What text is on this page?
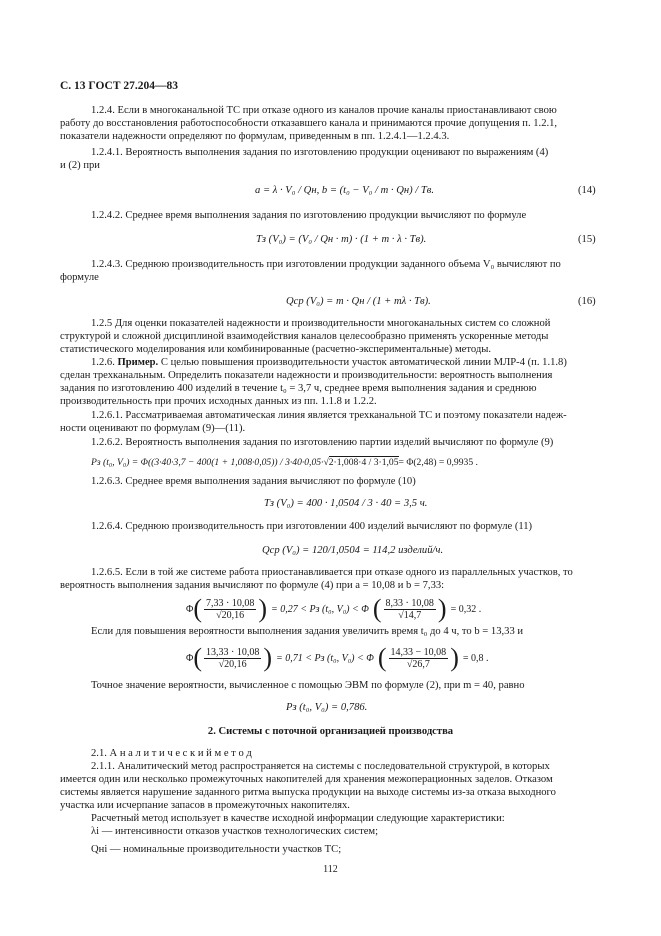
С. 13 ГОСТ 27.204—83
1.2.4. Если в многоканальной ТС при отказе одного из каналов прочие каналы приостанавливают свою
работу до восстановления работоспособности отказавшего канала и принимаются прочие допущения п. 1.2.1,
показатели надежности определяют по формулам, приведенным в пп. 1.2.4.1—1.2.4.3.
1.2.4.1. Вероятность выполнения задания по изготовлению продукции оценивают по выражениям (4)
и (2) при
a = λ · V₀ / Qн, b = (t₀ − V₀ / m · Qн) / Tв.	(14)
1.2.4.2. Среднее время выполнения задания по изготовлению продукции вычисляют по формуле
Tз (V₀) = (V₀ / Qн · m) · (1 + m · λ · Tв).	(15)
1.2.4.3. Среднюю производительность при изготовлении продукции заданного объема V₀ вычисляют по
формуле
Qср (V₀) = m · Qн / (1 + mλ · Tв).	(16)
1.2.5 Для оценки показателей надежности и производительности многоканальных систем со сложной
структурой и сложной дисциплиной взаимодействия каналов целесообразно применять ускоренные методы
статистического моделирования или комбинированные (расчетно-экспериментальные) методы.
1.2.6. Пример. С целью повышения производительности участок автоматической линии МЛР-4 (п. 1.1.8)
сделан трехканальным. Определить показатели надежности и производительности: вероятность выполнения
задания по изготовлению 400 изделий в течение t₀ = 3,7 ч, среднее время выполнения задания и среднюю
производительность при прочих исходных данных из пп. 1.1.8 и 1.2.2.
1.2.6.1. Рассматриваемая автоматическая линия является трехканальной ТС и поэтому показатели надеж-
ности оценивают по формулам (9)—(11).
1.2.6.2. Вероятность выполнения задания по изготовлению партии изделий вычисляют по формуле (9)
Pз (t₀, V₀) = Φ((3·40·3,7 − 400(1 + 1,008·0,05)) / 3·40·0,05·√2·1,008·4 / 3·1,05= Φ(2,48) = 0,9935 .
1.2.6.3. Среднее время выполнения задания вычисляют по формуле (10)
Tз (V₀) = 400 · 1,0504 / 3 · 40 = 3,5 ч.
1.2.6.4. Среднюю производительность при изготовлении 400 изделий вычисляют по формуле (11)
Qср (V₀) = 120/1,0504 = 114,2 изделий/ч.
1.2.6.5. Если в той же системе работа приостанавливается при отказе одного из параллельных участков, то
вероятность выполнения задания вычисляют по формуле (4) при a = 10,08 и b = 7,33:
Φ ( $\frac{7,33 \cdot 10,08}{√20,16}$ ) = 0,27 < Pз (t₀, V₀) < Φ ( $\frac{8,33 \cdot 10,08}{√14,7}$ ) = 0,32 .
Если для повышения вероятности выполнения задания увеличить время t₀ до 4 ч, то b = 13,33 и
Φ ( $\frac{13,33 \cdot 10,08}{√20,16}$ ) = 0,71 < Pз (t₀, V₀) < Φ ( $\frac{14,33 - 10,08}{√26,7}$ ) = 0,8 .
Точное значение вероятности, вычисленное с помощью ЭВМ по формуле (2), при m = 40, равно
Pз (t₀, V₀) = 0,786.
2. Системы с поточной организацией производства
2.1. А н а л и т и ч е с к и й м е т о д
2.1.1. Аналитический метод распространяется на системы с последовательной структурой, в которых
имеется один или несколько промежуточных накопителей для хранения межоперационных заделов. Отказом
системы является нарушение заданного ритма выпуска продукции на выходе системы из-за отказа выходного
участка или исчерпание запасов в промежуточных накопителях.
Расчетный метод использует в качестве исходной информации следующие характеристики:
λi — интенсивности отказов участков технологических систем;
Qнi — номинальные производительности участков ТС;
112
